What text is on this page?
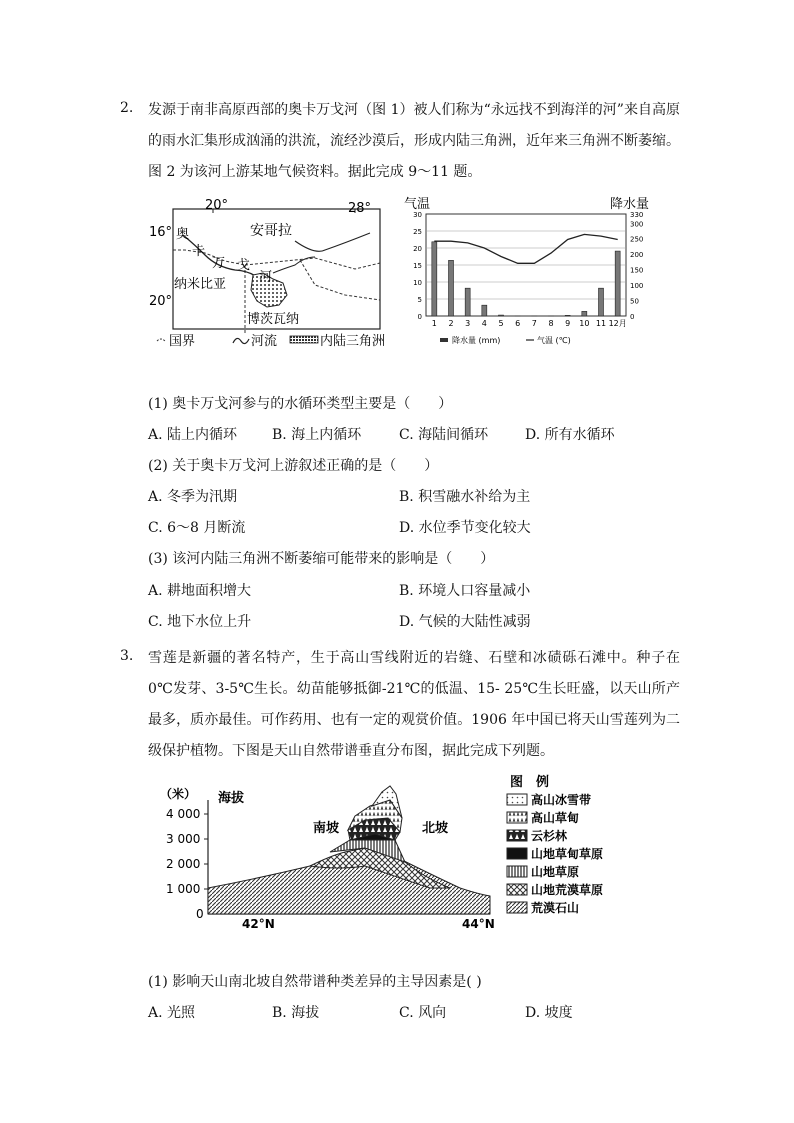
2. 发源于南非高原西部的奥卡万戈河（图 1）被人们称为“永远找不到海洋的河”来自高原的雨水汇集形成汹涌的洪流，流经沙漠后，形成内陆三角洲，近年来三角洲不断萎缩。图 2 为该河上游某地气候资料。据此完成 9～11 题。
20°	28°
16°
20°
安哥拉
纳米比亚
博茨瓦纳
奥
卡
万 戈
河
国界	河流	内陆三角洲
气温	降水量
30
25
20
15
10
5
0
330
300
250
200
150
100
50
0
1 2 3 4 5 6 7 8 9 10 11 12月
降水量 (mm)	气温 (℃)
(1) 奥卡万戈河参与的水循环类型主要是（　　）
A. 陆上内循环 B. 海上内循环	C. 海陆间循环	D. 所有水循环
(2) 关于奥卡万戈河上游叙述正确的是（　　）
A. 冬季为汛期	B. 积雪融水补给为主
C. 6～8 月断流	D. 水位季节变化较大
(3) 该河内陆三角洲不断萎缩可能带来的影响是（　　）
A. 耕地面积增大	B. 环境人口容量减小
C. 地下水位上升	D. 气候的大陆性减弱
3. 雪莲是新疆的著名特产，生于高山雪线附近的岩缝、石壁和冰碛砾石滩中。种子在 0℃发芽、3-5℃生长。幼苗能够抵御-21℃的低温、15- 25℃生长旺盛，以天山所产最多，质亦最佳。可作药用、也有一定的观赏价值。1906 年中国已将天山雪莲列为二级保护植物。下图是天山自然带谱垂直分布图，据此完成下列题。
（米） 海拔
4 000
3 000
2 000
1 000
0
42°N	44°N
南坡	北坡
图　例
高山冰雪带
高山草甸
云杉林
山地草甸草原
山地草原
山地荒漠草原
荒漠石山
(1) 影响天山南北坡自然带谱种类差异的主导因素是( )
A. 光照	B. 海拔	C. 风向	D. 坡度
